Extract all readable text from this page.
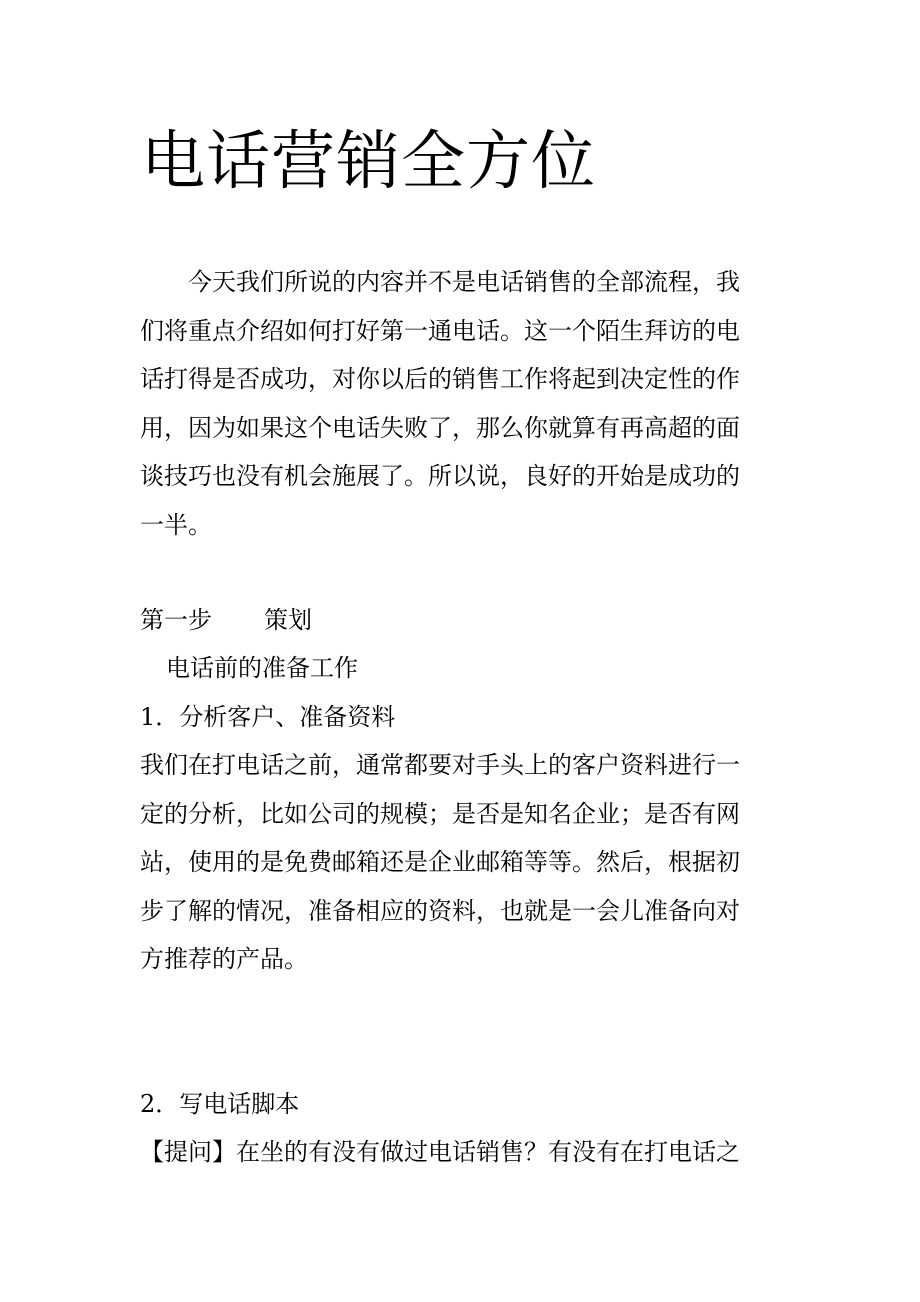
电话营销全方位
今天我们所说的内容并不是电话销售的全部流程，我
们将重点介绍如何打好第一通电话。这一个陌生拜访的电
话打得是否成功，对你以后的销售工作将起到决定性的作
用，因为如果这个电话失败了，那么你就算有再高超的面
谈技巧也没有机会施展了。所以说，良好的开始是成功的
一半。
第一步 策划
电话前的准备工作
1．分析客户、准备资料
我们在打电话之前，通常都要对手头上的客户资料进行一
定的分析，比如公司的规模；是否是知名企业；是否有网
站，使用的是免费邮箱还是企业邮箱等等。然后，根据初
步了解的情况，准备相应的资料，也就是一会儿准备向对
方推荐的产品。
2．写电话脚本
【提问】在坐的有没有做过电话销售？有没有在打电话之
